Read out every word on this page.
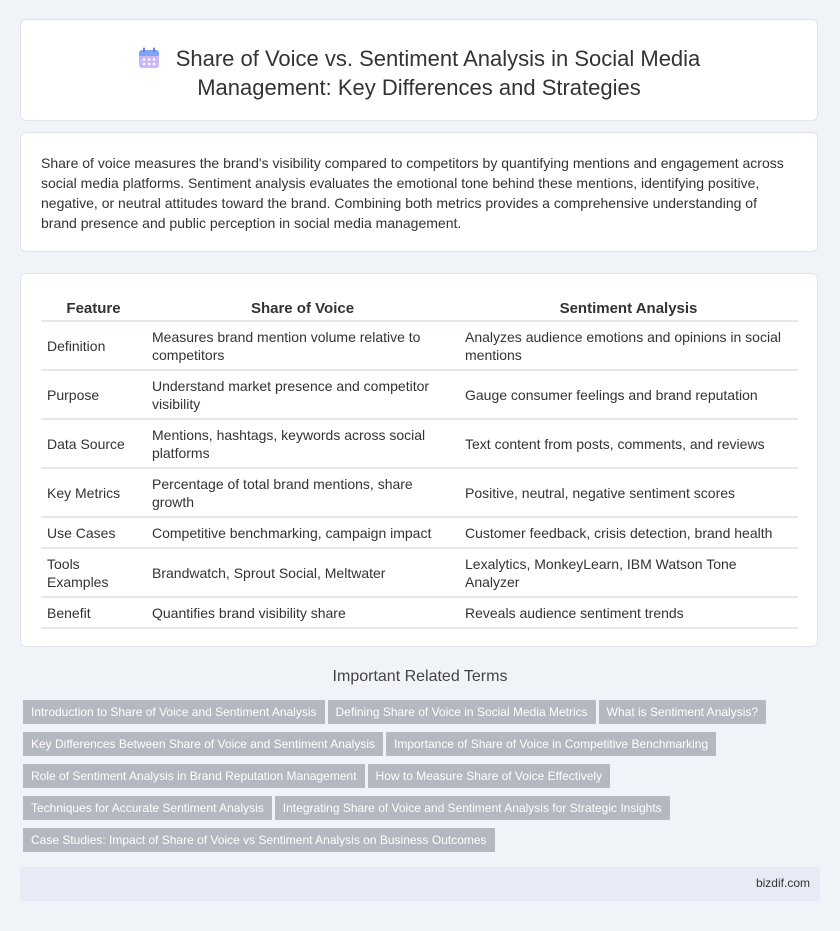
Share of Voice vs. Sentiment Analysis in Social Media
Management: Key Differences and Strategies
Share of voice measures the brand's visibility compared to competitors by quantifying mentions and engagement across social media platforms. Sentiment analysis evaluates the emotional tone behind these mentions, identifying positive, negative, or neutral attitudes toward the brand. Combining both metrics provides a comprehensive understanding of brand presence and public perception in social media management.
Feature	Share of Voice	Sentiment Analysis
Definition	Measures brand mention volume relative to competitors	Analyzes audience emotions and opinions in social mentions
Purpose	Understand market presence and competitor visibility	Gauge consumer feelings and brand reputation
Data Source	Mentions, hashtags, keywords across social platforms	Text content from posts, comments, and reviews
Key Metrics	Percentage of total brand mentions, share growth	Positive, neutral, negative sentiment scores
Use Cases	Competitive benchmarking, campaign impact	Customer feedback, crisis detection, brand health
Tools Examples	Brandwatch, Sprout Social, Meltwater	Lexalytics, MonkeyLearn, IBM Watson Tone Analyzer
Benefit	Quantifies brand visibility share	Reveals audience sentiment trends
Important Related Terms
Introduction to Share of Voice and Sentiment Analysis Defining Share of Voice in Social Media Metrics What is Sentiment Analysis?
Key Differences Between Share of Voice and Sentiment Analysis Importance of Share of Voice in Competitive Benchmarking
Role of Sentiment Analysis in Brand Reputation Management How to Measure Share of Voice Effectively
Techniques for Accurate Sentiment Analysis Integrating Share of Voice and Sentiment Analysis for Strategic Insights
Case Studies: Impact of Share of Voice vs Sentiment Analysis on Business Outcomes
bizdif.com
